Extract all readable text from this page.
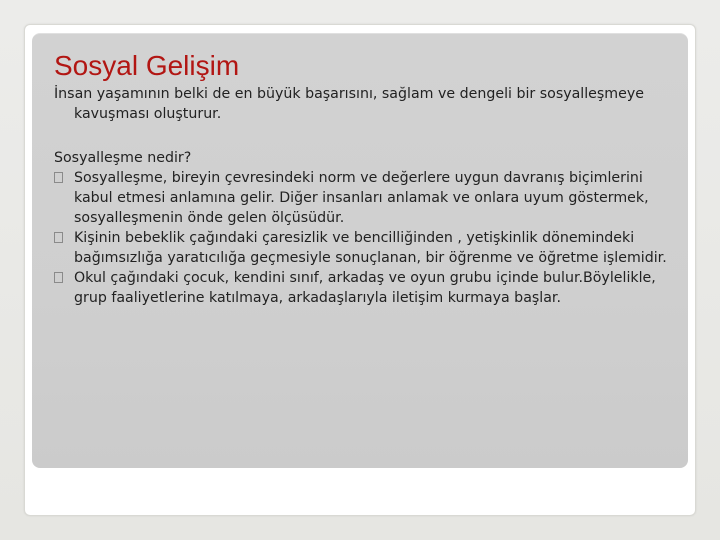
Sosyal Gelişim

İnsan yaşamının belki de en büyük başarısını, sağlam ve dengeli bir sosyalleşmeye kavuşması oluşturur.

Sosyalleşme nedir?

Sosyalleşme, bireyin çevresindeki norm ve değerlere uygun davranış biçimlerini kabul etmesi anlamına gelir. Diğer insanları anlamak ve onlara uyum göstermek, sosyalleşmenin önde gelen ölçüsüdür.
Kişinin bebeklik çağındaki çaresizlik ve bencilliğinden , yetişkinlik dönemindeki bağımsızlığa yaratıcılığa geçmesiyle sonuçlanan, bir öğrenme ve öğretme işlemidir.
Okul çağındaki çocuk, kendini sınıf, arkadaş ve oyun grubu içinde bulur.Böylelikle, grup faaliyetlerine katılmaya, arkadaşlarıyla iletişim kurmaya başlar.
